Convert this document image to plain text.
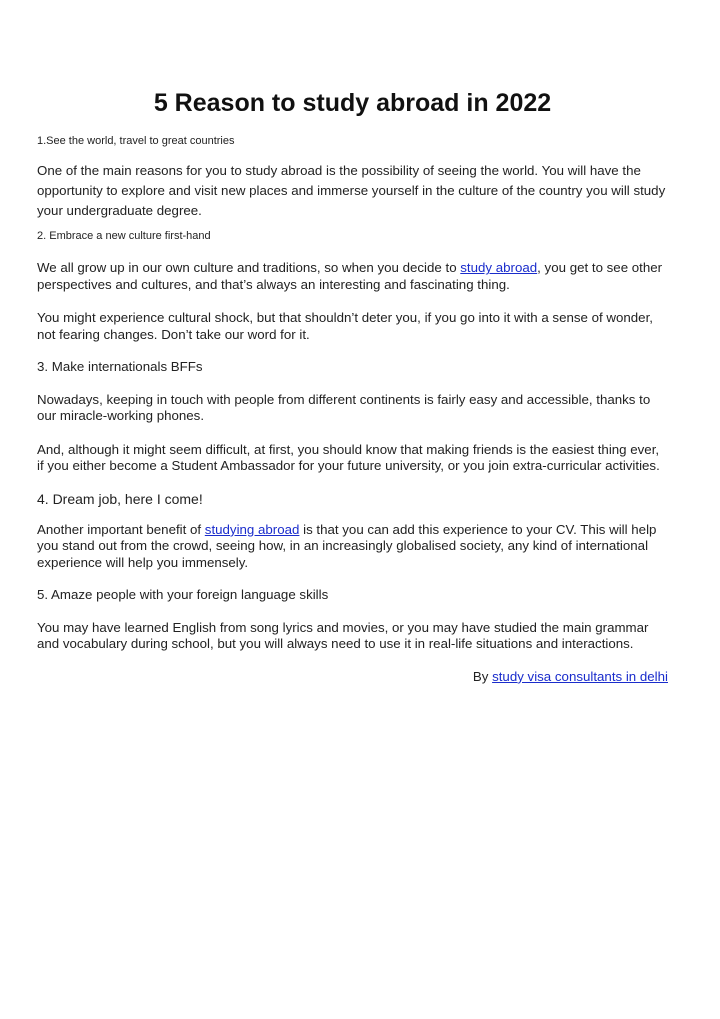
5 Reason to study abroad in 2022
1.See the world, travel to great countries
One of the main reasons for you to study abroad is the possibility of seeing the world. You will have the opportunity to explore and visit new places and immerse yourself in the culture of the country you will study your undergraduate degree.
2. Embrace a new culture first-hand
We all grow up in our own culture and traditions, so when you decide to study abroad, you get to see other perspectives and cultures, and that’s always an interesting and fascinating thing.
You might experience cultural shock, but that shouldn’t deter you, if you go into it with a sense of wonder, not fearing changes. Don’t take our word for it.
3. Make internationals BFFs
Nowadays, keeping in touch with people from different continents is fairly easy and accessible, thanks to our miracle-working phones.
And, although it might seem difficult, at first, you should know that making friends is the easiest thing ever, if you either become a Student Ambassador for your future university, or you join extra-curricular activities.
4. Dream job, here I come!
Another important benefit of studying abroad is that you can add this experience to your CV. This will help you stand out from the crowd, seeing how, in an increasingly globalised society, any kind of international experience will help you immensely.
5. Amaze people with your foreign language skills
You may have learned English from song lyrics and movies, or you may have studied the main grammar and vocabulary during school, but you will always need to use it in real-life situations and interactions.
By study visa consultants in delhi
